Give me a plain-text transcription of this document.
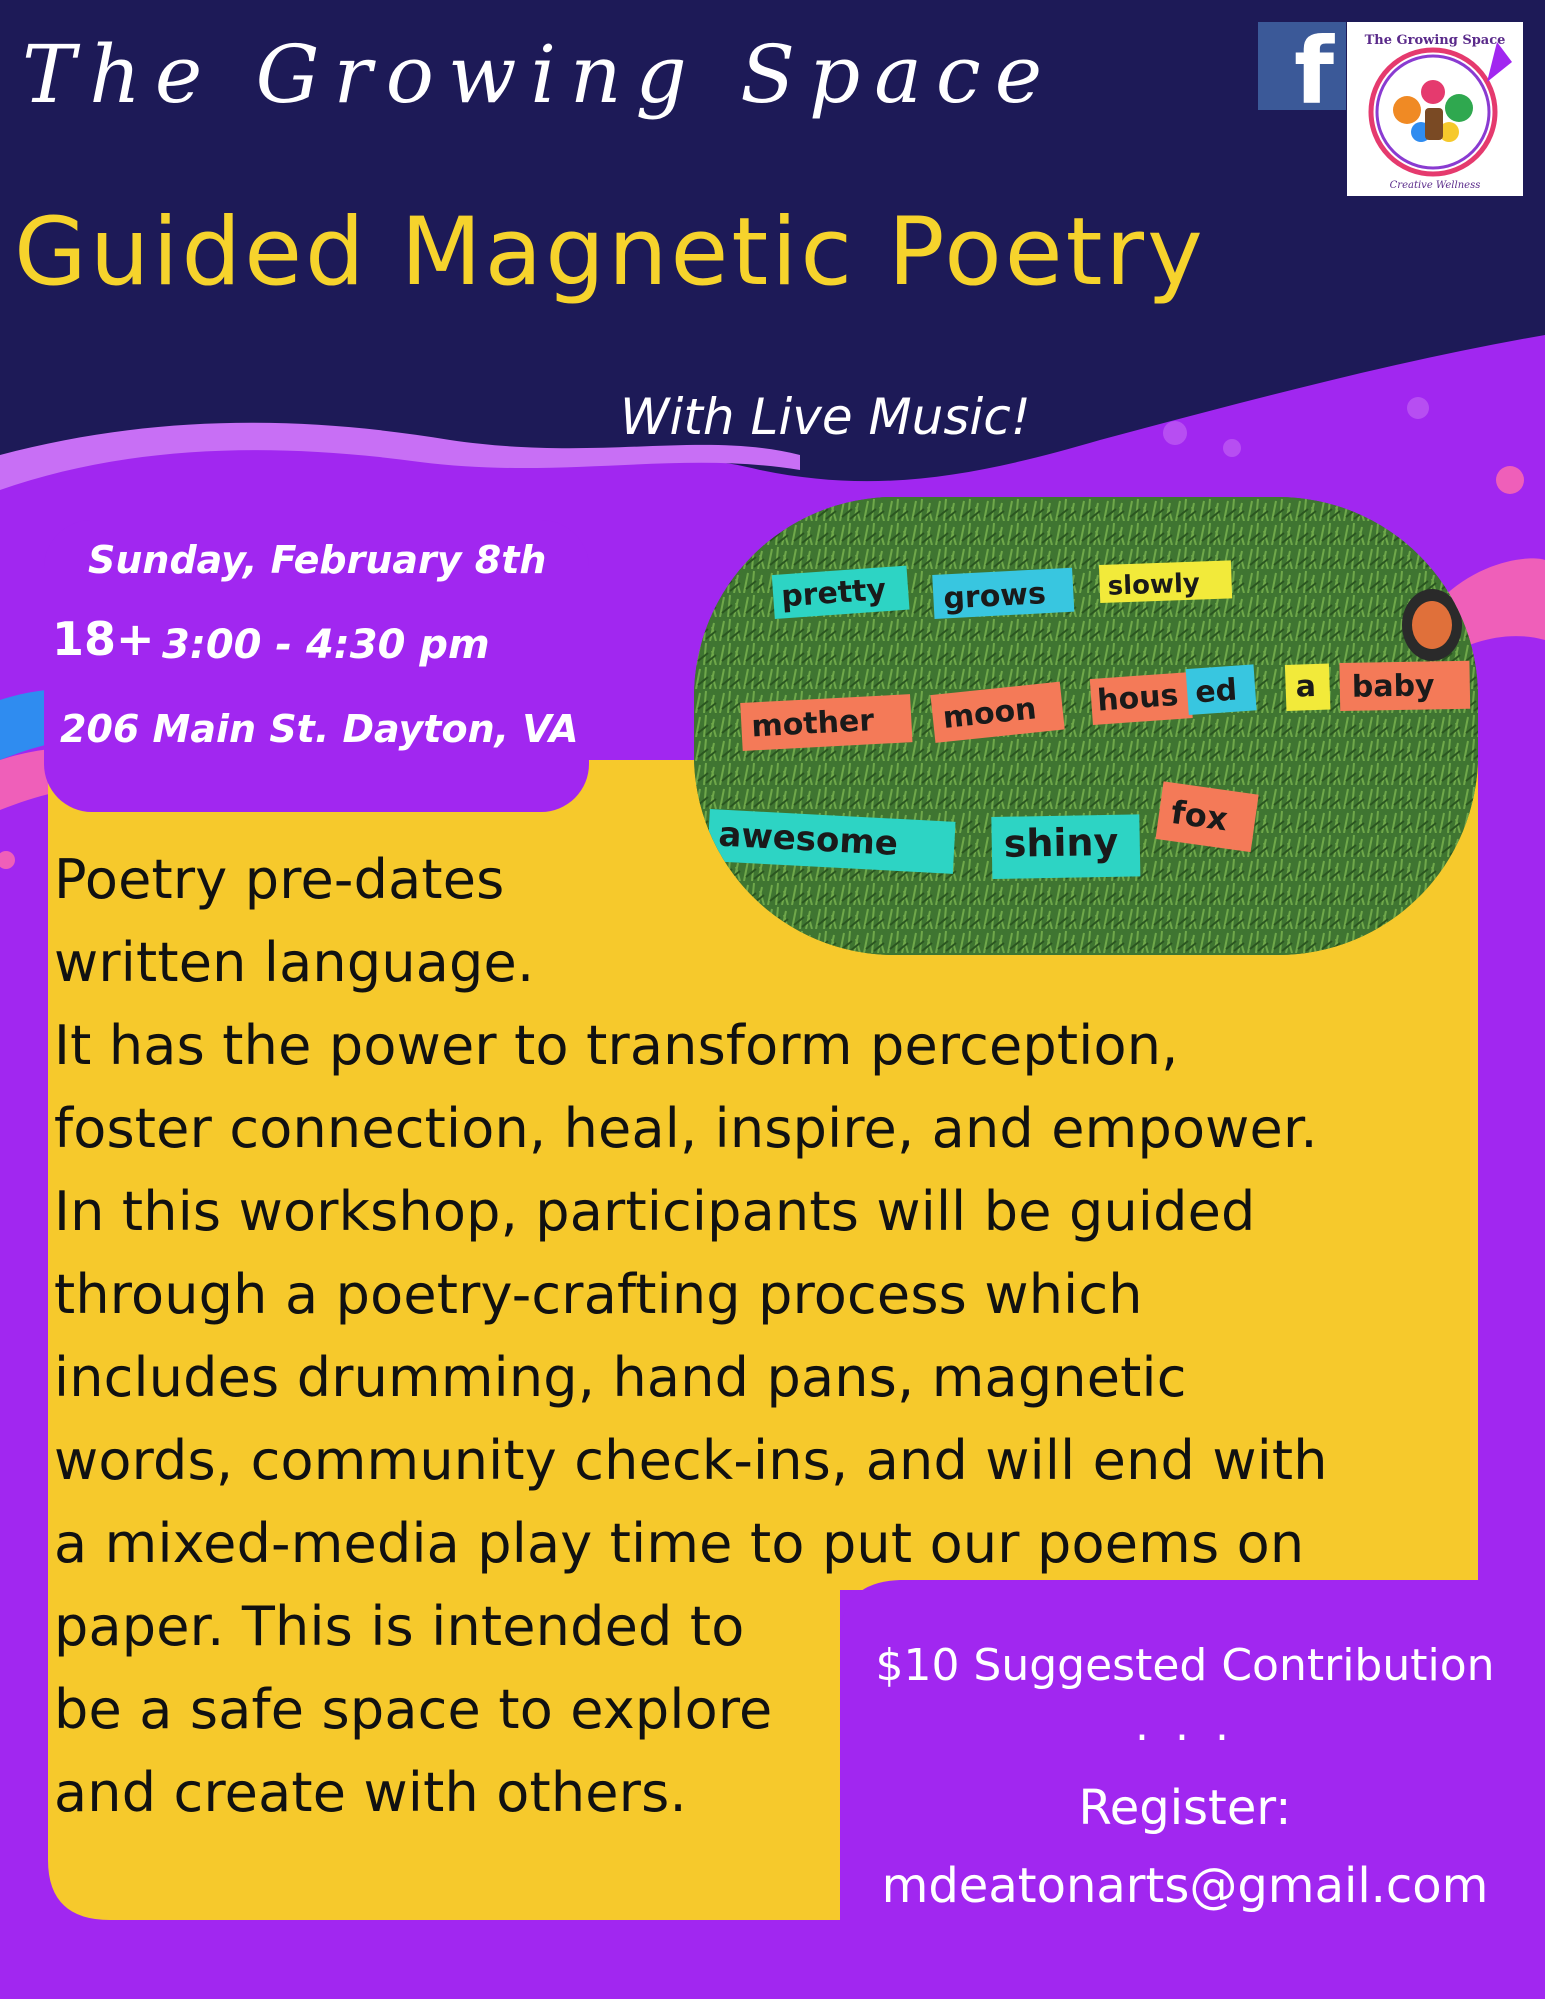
The Growing Space
Guided Magnetic Poetry
With Live Music!
f The Growing Space
Creative Wellness
Sunday, February 8th
18+ 3:00 - 4:30 pm
206 Main St. Dayton, VA
pretty grows slowly
mother moon hous ed a baby
awesome	shiny
fox
Poetry pre-dates
written language.
It has the power to transform perception,
foster connection, heal, inspire, and empower.
In this workshop, participants will be guided
through a poetry-crafting process which
includes drumming, hand pans, magnetic
words, community check-ins, and will end with
a mixed-media play time to put our poems on
paper. This is intended to
be a safe space to explore
and create with others.
$10 Suggested Contribution
. . .
Register:
mdeatonarts@gmail.com
